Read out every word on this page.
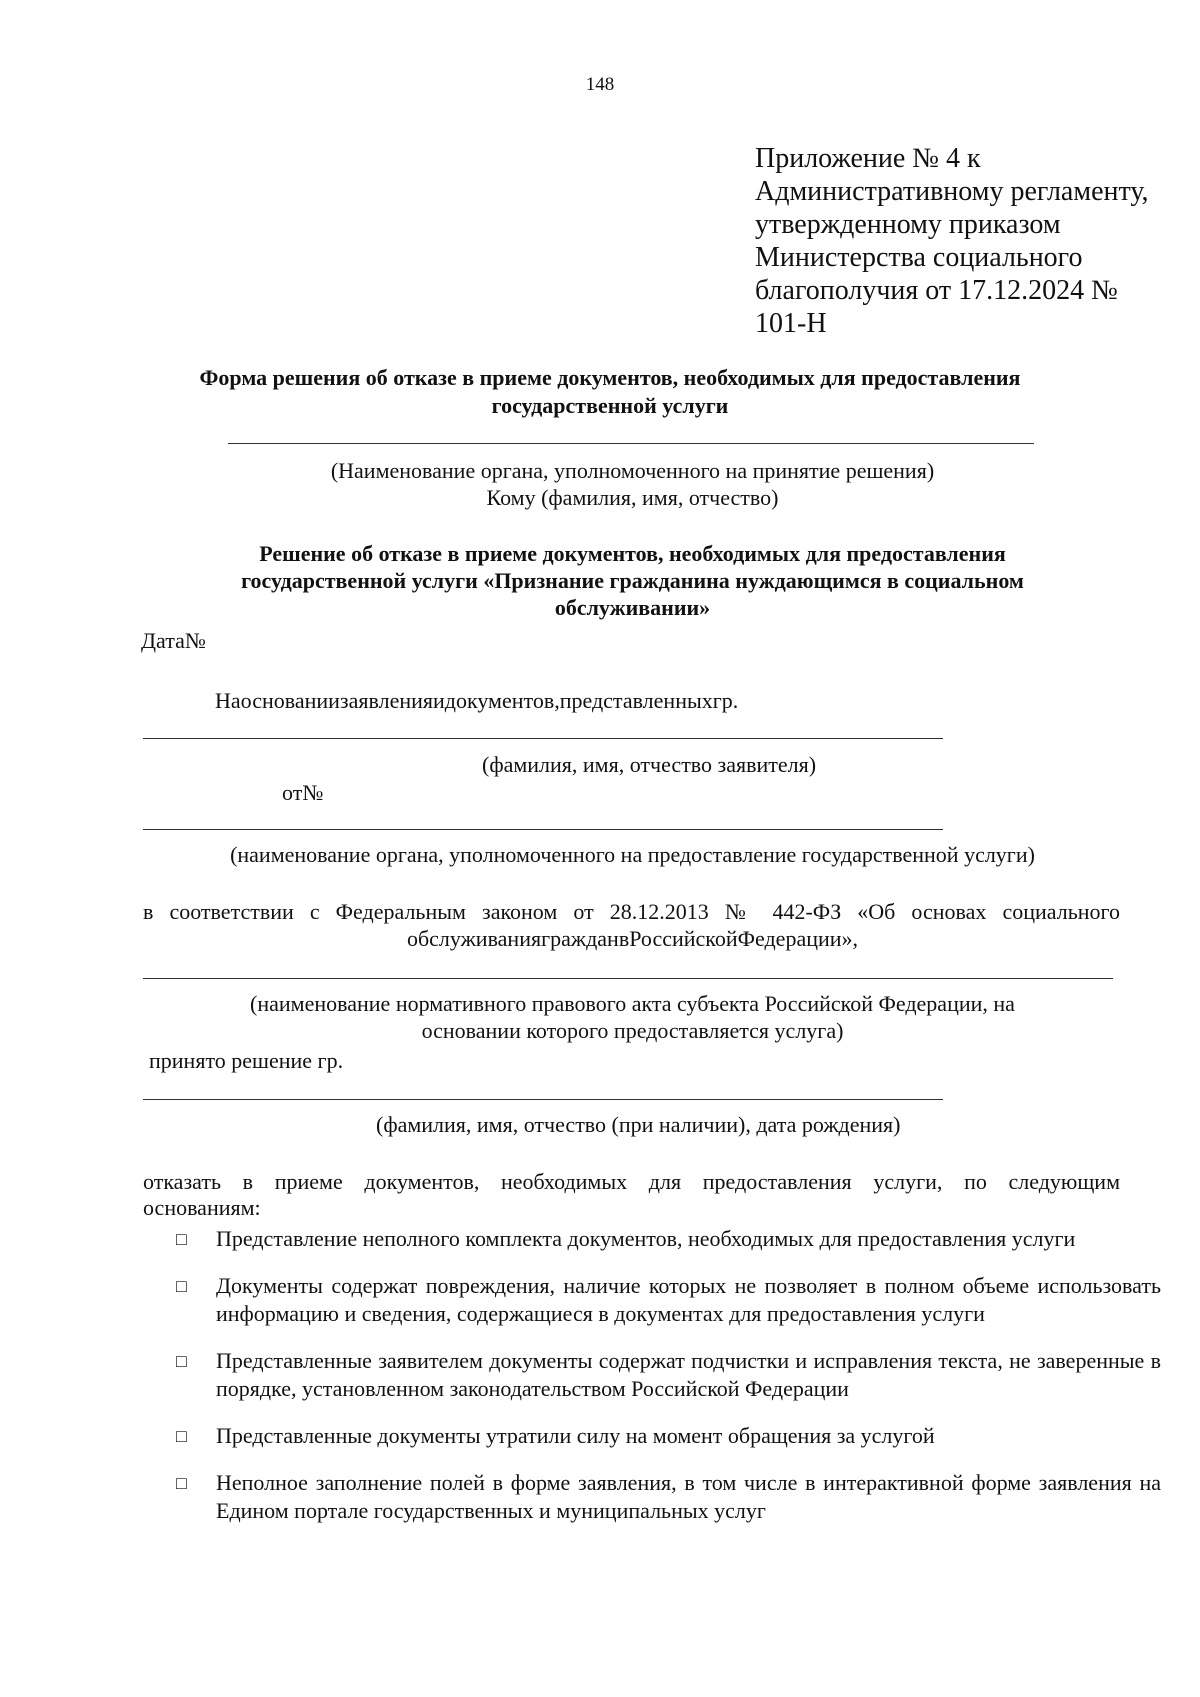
148
Приложение № 4 к
Административному регламенту,
утвержденному приказом
Министерства социального
благополучия от 17.12.2024 №
101-Н
Форма решения об отказе в приеме документов, необходимых для предоставления
государственной услуги
(Наименование органа, уполномоченного на принятие решения)
Кому (фамилия, имя, отчество)
Решение об отказе в приеме документов, необходимых для предоставления
государственной услуги «Признание гражданина нуждающимся в социальном
обслуживании»
Дата№
Наоснованиизаявленияидокументов,представленныхгр.
(фамилия, имя, отчество заявителя)
от№
(наименование органа, уполномоченного на предоставление государственной услуги)
в соответствии с Федеральным законом от 28.12.2013 № 442-ФЗ «Об основах социального
обслуживаниягражданвРоссийскойФедерации»,
(наименование нормативного правового акта субъекта Российской Федерации, на
основании которого предоставляется услуга)
принято решение гр.
(фамилия, имя, отчество (при наличии), дата рождения)
отказать в приеме документов, необходимых для предоставления услуги, по следующим
основаниям:
□	Представление неполного комплекта документов, необходимых для предоставления услуги
□	Документы содержат повреждения, наличие которых не позволяет в полном объеме использовать информацию и сведения, содержащиеся в документах для предоставления услуги
□	Представленные заявителем документы содержат подчистки и исправления текста, не заверенные в порядке, установленном законодательством Российской Федерации
□	Представленные документы утратили силу на момент обращения за услугой
□	Неполное заполнение полей в форме заявления, в том числе в интерактивной форме заявления на Едином портале государственных и муниципальных услуг
